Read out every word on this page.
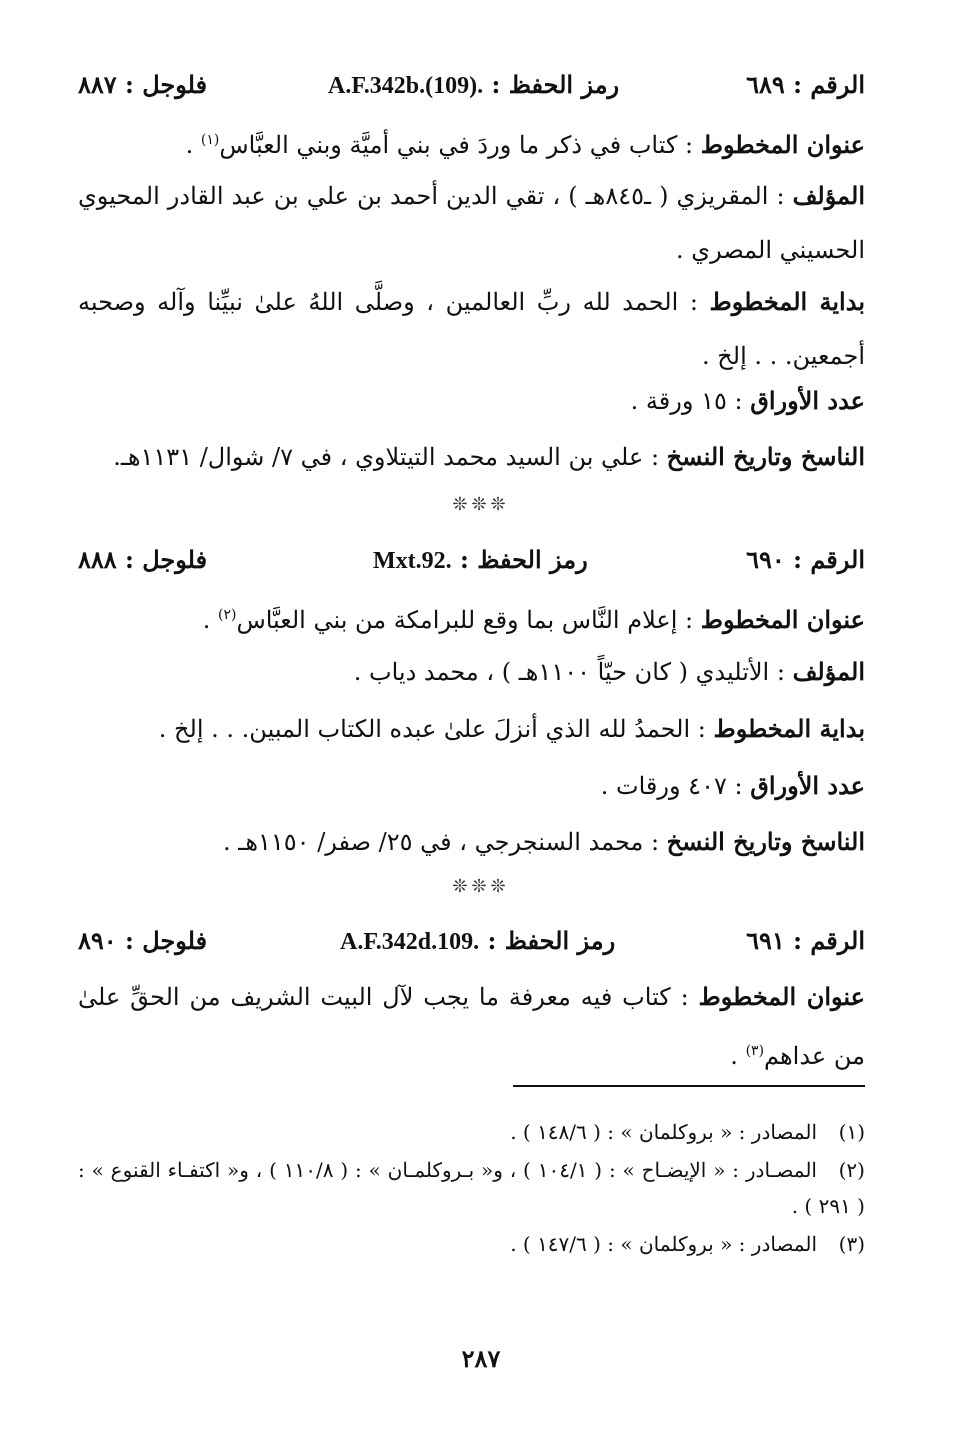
فلوجل : ٨٨٧	رمز الحفظ : A.F.342b.(109).	الرقم : ٦٨٩
عنوان المخطوط : كتاب في ذكر ما وردَ في بني أميَّة وبني العبَّاس$^{(١)}$ .
المؤلف : المقريزي ( ـ٨٤٥هـ ) ، تقي الدين أحمد بن علي بن عبد القادر المحيوي الحسيني المصري .
بداية المخطوط : الحمد لله ربِّ العالمين ، وصلَّى اللهُ علىٰ نبيِّنا وآله وصحبه أجمعين. . . إلخ .
عدد الأوراق : ١٥ ورقة .
الناسخ وتاريخ النسخ : علي بن السيد محمد التيتلاوي ، في ٧/ شوال/ ١١٣١هـ.
❊❊❊
فلوجل : ٨٨٨	رمز الحفظ : Mxt.92.	الرقم : ٦٩٠
عنوان المخطوط : إعلام النَّاس بما وقع للبرامكة من بني العبَّاس$^{(٢)}$ .
المؤلف : الأتليدي ( كان حيّاً ١١٠٠هـ ) ، محمد دياب .
بداية المخطوط : الحمدُ لله الذي أنزلَ علىٰ عبده الكتاب المبين. . . إلخ .
عدد الأوراق : ٤٠٧ ورقات .
الناسخ وتاريخ النسخ : محمد السنجرجي ، في ٢٥/ صفر/ ١١٥٠هـ .
❊❊❊
فلوجل : ٨٩٠	رمز الحفظ : A.F.342d.109.	الرقم : ٦٩١
عنوان المخطوط : كتاب فيه معرفة ما يجب لآل البيت الشريف من الحقِّ علىٰ من عداهم$^{(٣)}$ .
(١)المصادر : « بروكلمان » : ( ١٤٨/٦ ) .
(٢)المصـادر : « الإيضـاح » : ( ١٠٤/١ ) ، و« بـروكلمـان » : ( ١١٠/٨ ) ، و« اكتفـاء القنوع » : ( ٢٩١ ) .
(٣)المصادر : « بروكلمان » : ( ١٤٧/٦ ) .
٢٨٧
